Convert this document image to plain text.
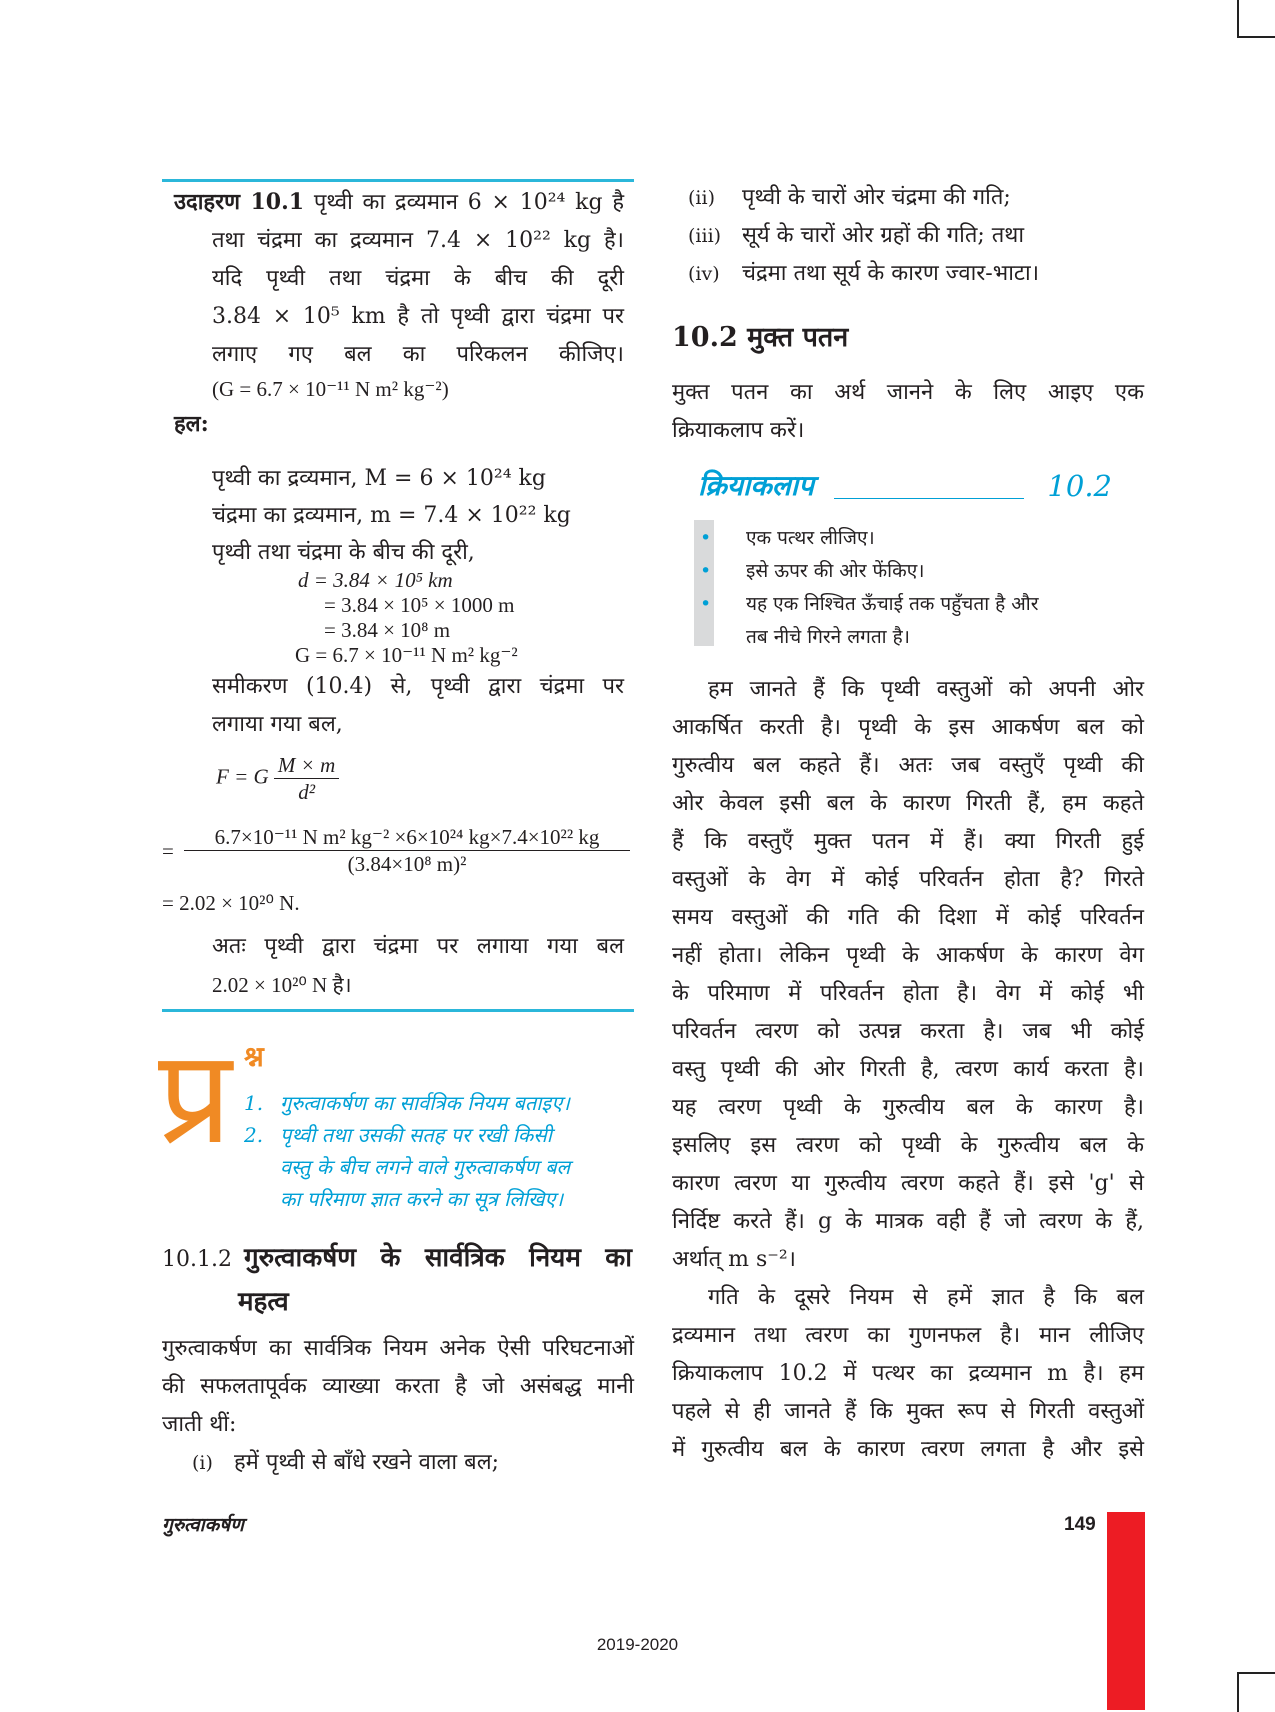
उदाहरण 10.1 पृथ्वी का द्रव्यमान 6 × 10²⁴ kg है

तथा चंद्रमा का द्रव्यमान 7.4 × 10²² kg है।

यदि पृथ्वी तथा चंद्रमा के बीच की दूरी

3.84 × 10⁵ km है तो पृथ्वी द्वारा चंद्रमा पर

लगाए गए बल का परिकलन कीजिए।

(G = 6.7 × 10⁻¹¹ N m² kg⁻²)

हल:

पृथ्वी का द्रव्यमान, M = 6 × 10²⁴ kg

चंद्रमा का द्रव्यमान, m = 7.4 × 10²² kg

पृथ्वी तथा चंद्रमा के बीच की दूरी,

d = 3.84 × 10⁵ km

= 3.84 × 10⁵ × 1000 m

= 3.84 × 10⁸ m

G = 6.7 × 10⁻¹¹ N m² kg⁻²

समीकरण (10.4) से, पृथ्वी द्वारा चंद्रमा पर

लगाया गया बल,

F = G $\frac{M \times m}{\text{d²}}$
= $\frac{\text{6.7×10⁻¹¹ N m² kg⁻² ×6×10²⁴ kg×7.4×10²² kg}}{\text{(3.84×10⁸ m)²}}$
= 2.02 × 10²⁰ N.

अतः पृथ्वी द्वारा चंद्रमा पर लगाया गया बल

2.02 × 10²⁰ N है।

प्र श्न

1. गुरुत्वाकर्षण का सार्वत्रिक नियम बताइए।

2. पृथ्वी तथा उसकी सतह पर रखी किसी

वस्तु के बीच लगने वाले गुरुत्वाकर्षण बल

का परिमाण ज्ञात करने का सूत्र लिखिए।

10.1.2 गुरुत्वाकर्षण के सार्वत्रिक नियम का

महत्व

गुरुत्वाकर्षण का सार्वत्रिक नियम अनेक ऐसी परिघटनाओं

की सफलतापूर्वक व्याख्या करता है जो असंबद्ध मानी

जाती थीं:

(i) हमें पृथ्वी से बाँधे रखने वाला बल;

(ii) पृथ्वी के चारों ओर चंद्रमा की गति;

(iii) सूर्य के चारों ओर ग्रहों की गति; तथा

(iv) चंद्रमा तथा सूर्य के कारण ज्वार-भाटा।

10.2 मुक्त पतन

मुक्त पतन का अर्थ जानने के लिए आइए एक

क्रियाकलाप करें।

क्रियाकलाप	10.2

• एक पत्थर लीजिए।

• इसे ऊपर की ओर फेंकिए।

• यह एक निश्चित ऊँचाई तक पहुँचता है और

तब नीचे गिरने लगता है।

हम जानते हैं कि पृथ्वी वस्तुओं को अपनी ओर

आकर्षित करती है। पृथ्वी के इस आकर्षण बल को

गुरुत्वीय बल कहते हैं। अतः जब वस्तुएँ पृथ्वी की

ओर केवल इसी बल के कारण गिरती हैं, हम कहते

हैं कि वस्तुएँ मुक्त पतन में हैं। क्या गिरती हुई

वस्तुओं के वेग में कोई परिवर्तन होता है? गिरते

समय वस्तुओं की गति की दिशा में कोई परिवर्तन

नहीं होता। लेकिन पृथ्वी के आकर्षण के कारण वेग

के परिमाण में परिवर्तन होता है। वेग में कोई भी

परिवर्तन त्वरण को उत्पन्न करता है। जब भी कोई

वस्तु पृथ्वी की ओर गिरती है, त्वरण कार्य करता है।

यह त्वरण पृथ्वी के गुरुत्वीय बल के कारण है।

इसलिए इस त्वरण को पृथ्वी के गुरुत्वीय बल के

कारण त्वरण या गुरुत्वीय त्वरण कहते हैं। इसे 'g' से

निर्दिष्ट करते हैं। g के मात्रक वही हैं जो त्वरण के हैं,

अर्थात् m s⁻²।

गति के दूसरे नियम से हमें ज्ञात है कि बल

द्रव्यमान तथा त्वरण का गुणनफल है। मान लीजिए

क्रियाकलाप 10.2 में पत्थर का द्रव्यमान m है। हम

पहले से ही जानते हैं कि मुक्त रूप से गिरती वस्तुओं

में गुरुत्वीय बल के कारण त्वरण लगता है और इसे

गुरुत्वाकर्षण	149
2019-2020
